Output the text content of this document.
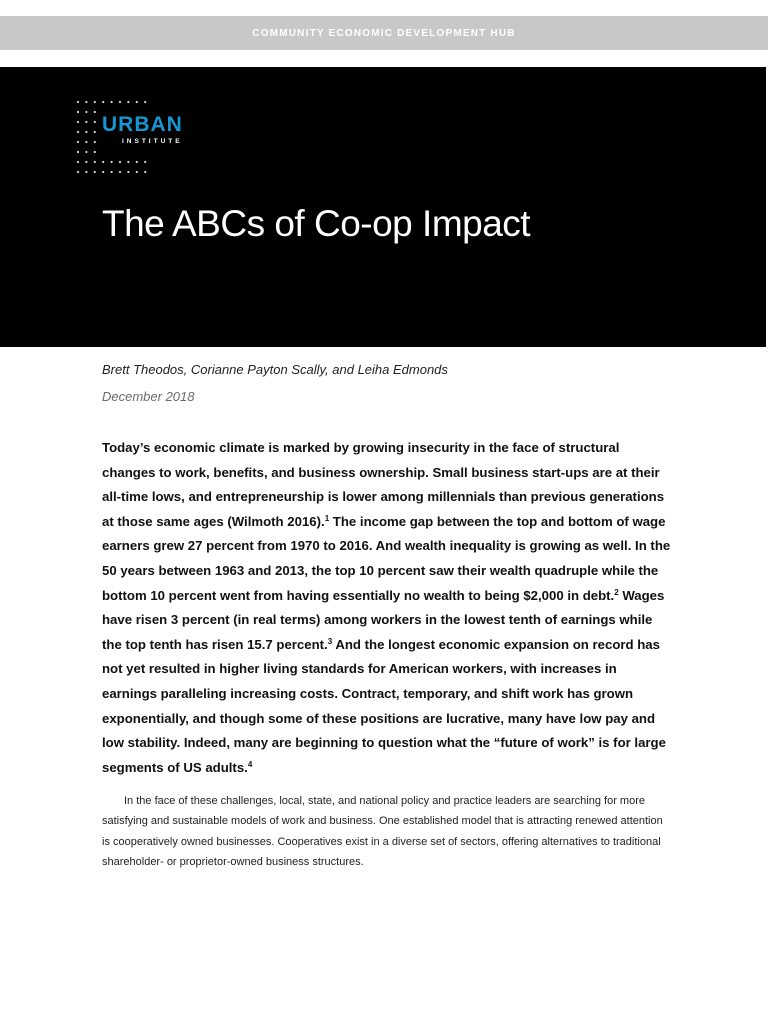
COMMUNITY ECONOMIC DEVELOPMENT HUB
URBAN
INSTITUTE
The ABCs of Co-op Impact
Brett Theodos, Corianne Payton Scally, and Leiha Edmonds
December 2018

Today’s economic climate is marked by growing insecurity in the face of structural changes to work, benefits, and business ownership. Small business start-ups are at their all-time lows, and entrepreneurship is lower among millennials than previous generations at those same ages (Wilmoth 2016).$^1$ The income gap between the top and bottom of wage earners grew 27 percent from 1970 to 2016. And wealth inequality is growing as well. In the 50 years between 1963 and 2013, the top 10 percent saw their wealth quadruple while the bottom 10 percent went from having essentially no wealth to being $2,000 in debt.$^2$ Wages have risen 3 percent (in real terms) among workers in the lowest tenth of earnings while the top tenth has risen 15.7 percent.$^3$ And the longest economic expansion on record has not yet resulted in higher living standards for American workers, with increases in earnings paralleling increasing costs. Contract, temporary, and shift work has grown exponentially, and though some of these positions are lucrative, many have low pay and low stability. Indeed, many are beginning to question what the “future of work” is for large segments of US adults.$^4$

In the face of these challenges, local, state, and national policy and practice leaders are searching for more satisfying and sustainable models of work and business. One established model that is attracting renewed attention is cooperatively owned businesses. Cooperatives exist in a diverse set of sectors, offering alternatives to traditional shareholder- or proprietor-owned business structures.
